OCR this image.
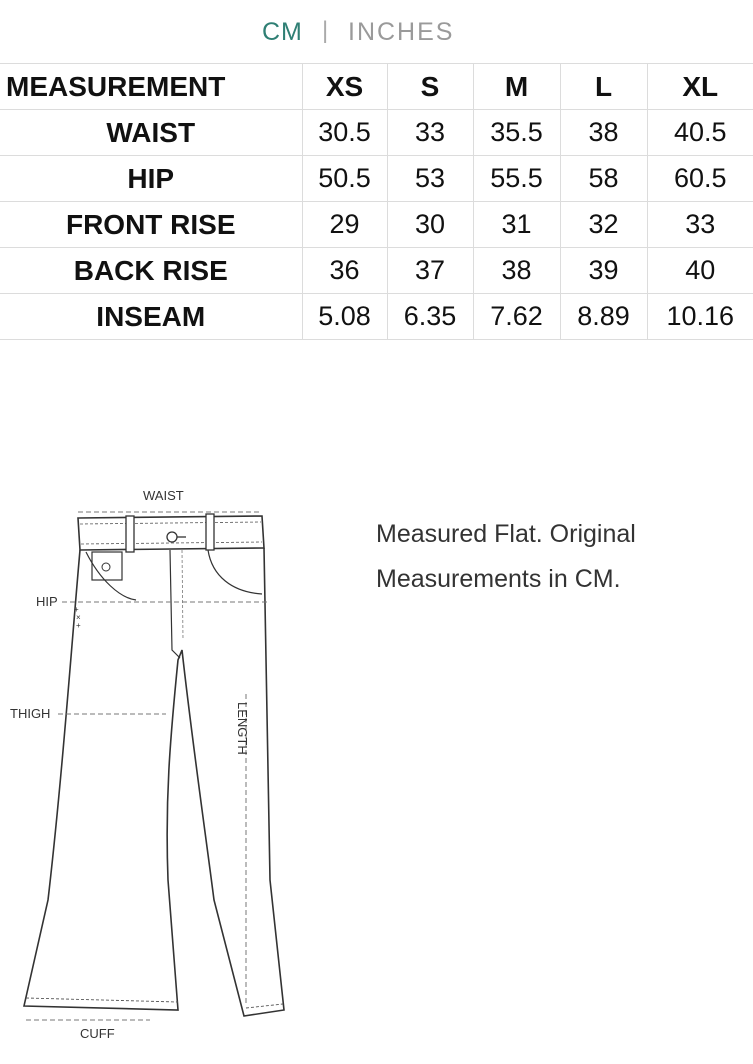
CM | INCHES
MEASUREMENT	XS	S	M	L	XL
WAIST	30.5	33	35.5	38	40.5
HIP	50.5	53	55.5	58	60.5
FRONT RISE	29	30	31	32	33
BACK RISE	36	37	38	39	40
INSEAM	5.08	6.35	7.62	8.89	10.16
WAIST
+
×
+
HIP
THIGH	LENGTH
CUFF
Measured Flat. Original Measurements in CM.
